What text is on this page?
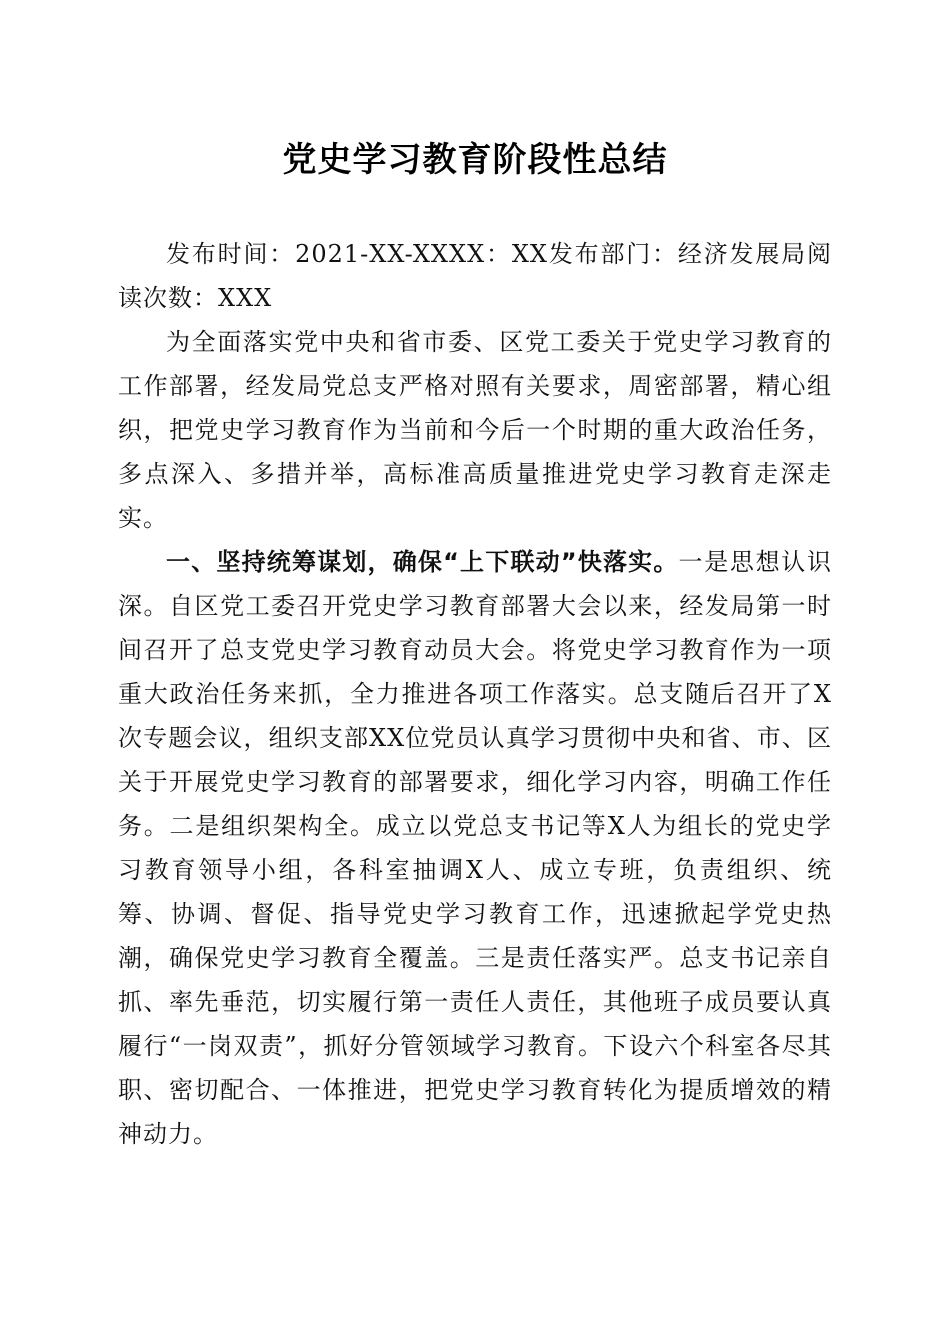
党史学习教育阶段性总结

发布时间：2021-XX-XXXX：XX发布部门：经济发展局阅读次数：XXX

为全面落实党中央和省市委、区党工委关于党史学习教育的工作部署，经发局党总支严格对照有关要求，周密部署，精心组织，把党史学习教育作为当前和今后一个时期的重大政治任务，多点深入、多措并举，高标准高质量推进党史学习教育走深走实。

一、坚持统筹谋划，确保“上下联动”快落实。一是思想认识深。自区党工委召开党史学习教育部署大会以来，经发局第一时间召开了总支党史学习教育动员大会。将党史学习教育作为一项重大政治任务来抓，全力推进各项工作落实。总支随后召开了X次专题会议，组织支部XX位党员认真学习贯彻中央和省、市、区关于开展党史学习教育的部署要求，细化学习内容，明确工作任务。二是组织架构全。成立以党总支书记等X人为组长的党史学习教育领导小组，各科室抽调X人、成立专班，负责组织、统筹、协调、督促、指导党史学习教育工作，迅速掀起学党史热潮，确保党史学习教育全覆盖。三是责任落实严。总支书记亲自抓、率先垂范，切实履行第一责任人责任，其他班子成员要认真履行“一岗双责”，抓好分管领域学习教育。下设六个科室各尽其职、密切配合、一体推进，把党史学习教育转化为提质增效的精神动力。
